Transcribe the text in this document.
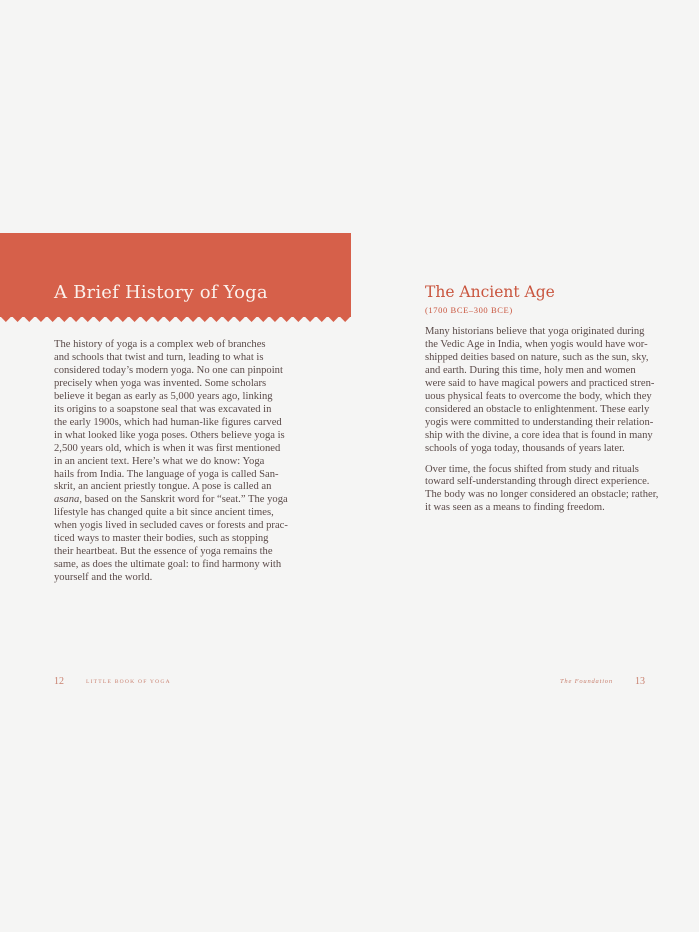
A Brief History of Yoga
The history of yoga is a complex web of branches
and schools that twist and turn, leading to what is
considered today’s modern yoga. No one can pinpoint
precisely when yoga was invented. Some scholars
believe it began as early as 5,000 years ago, linking
its origins to a soapstone seal that was excavated in
the early 1900s, which had human-like figures carved
in what looked like yoga poses. Others believe yoga is
2,500 years old, which is when it was first mentioned
in an ancient text. Here’s what we do know: Yoga
hails from India. The language of yoga is called San-
skrit, an ancient priestly tongue. A pose is called an
asana, based on the Sanskrit word for “seat.” The yoga
lifestyle has changed quite a bit since ancient times,
when yogis lived in secluded caves or forests and prac-
ticed ways to master their bodies, such as stopping
their heartbeat. But the essence of yoga remains the
same, as does the ultimate goal: to find harmony with
yourself and the world.
The Ancient Age
(1700 BCE–300 BCE)
Many historians believe that yoga originated during
the Vedic Age in India, when yogis would have wor-
shipped deities based on nature, such as the sun, sky,
and earth. During this time, holy men and women
were said to have magical powers and practiced stren-
uous physical feats to overcome the body, which they
considered an obstacle to enlightenment. These early
yogis were committed to understanding their relation-
ship with the divine, a core idea that is found in many
schools of yoga today, thousands of years later.
Over time, the focus shifted from study and rituals
toward self-understanding through direct experience.
The body was no longer considered an obstacle; rather,
it was seen as a means to finding freedom.
12	LITTLE BOOK OF YOGA	The Foundation 13
